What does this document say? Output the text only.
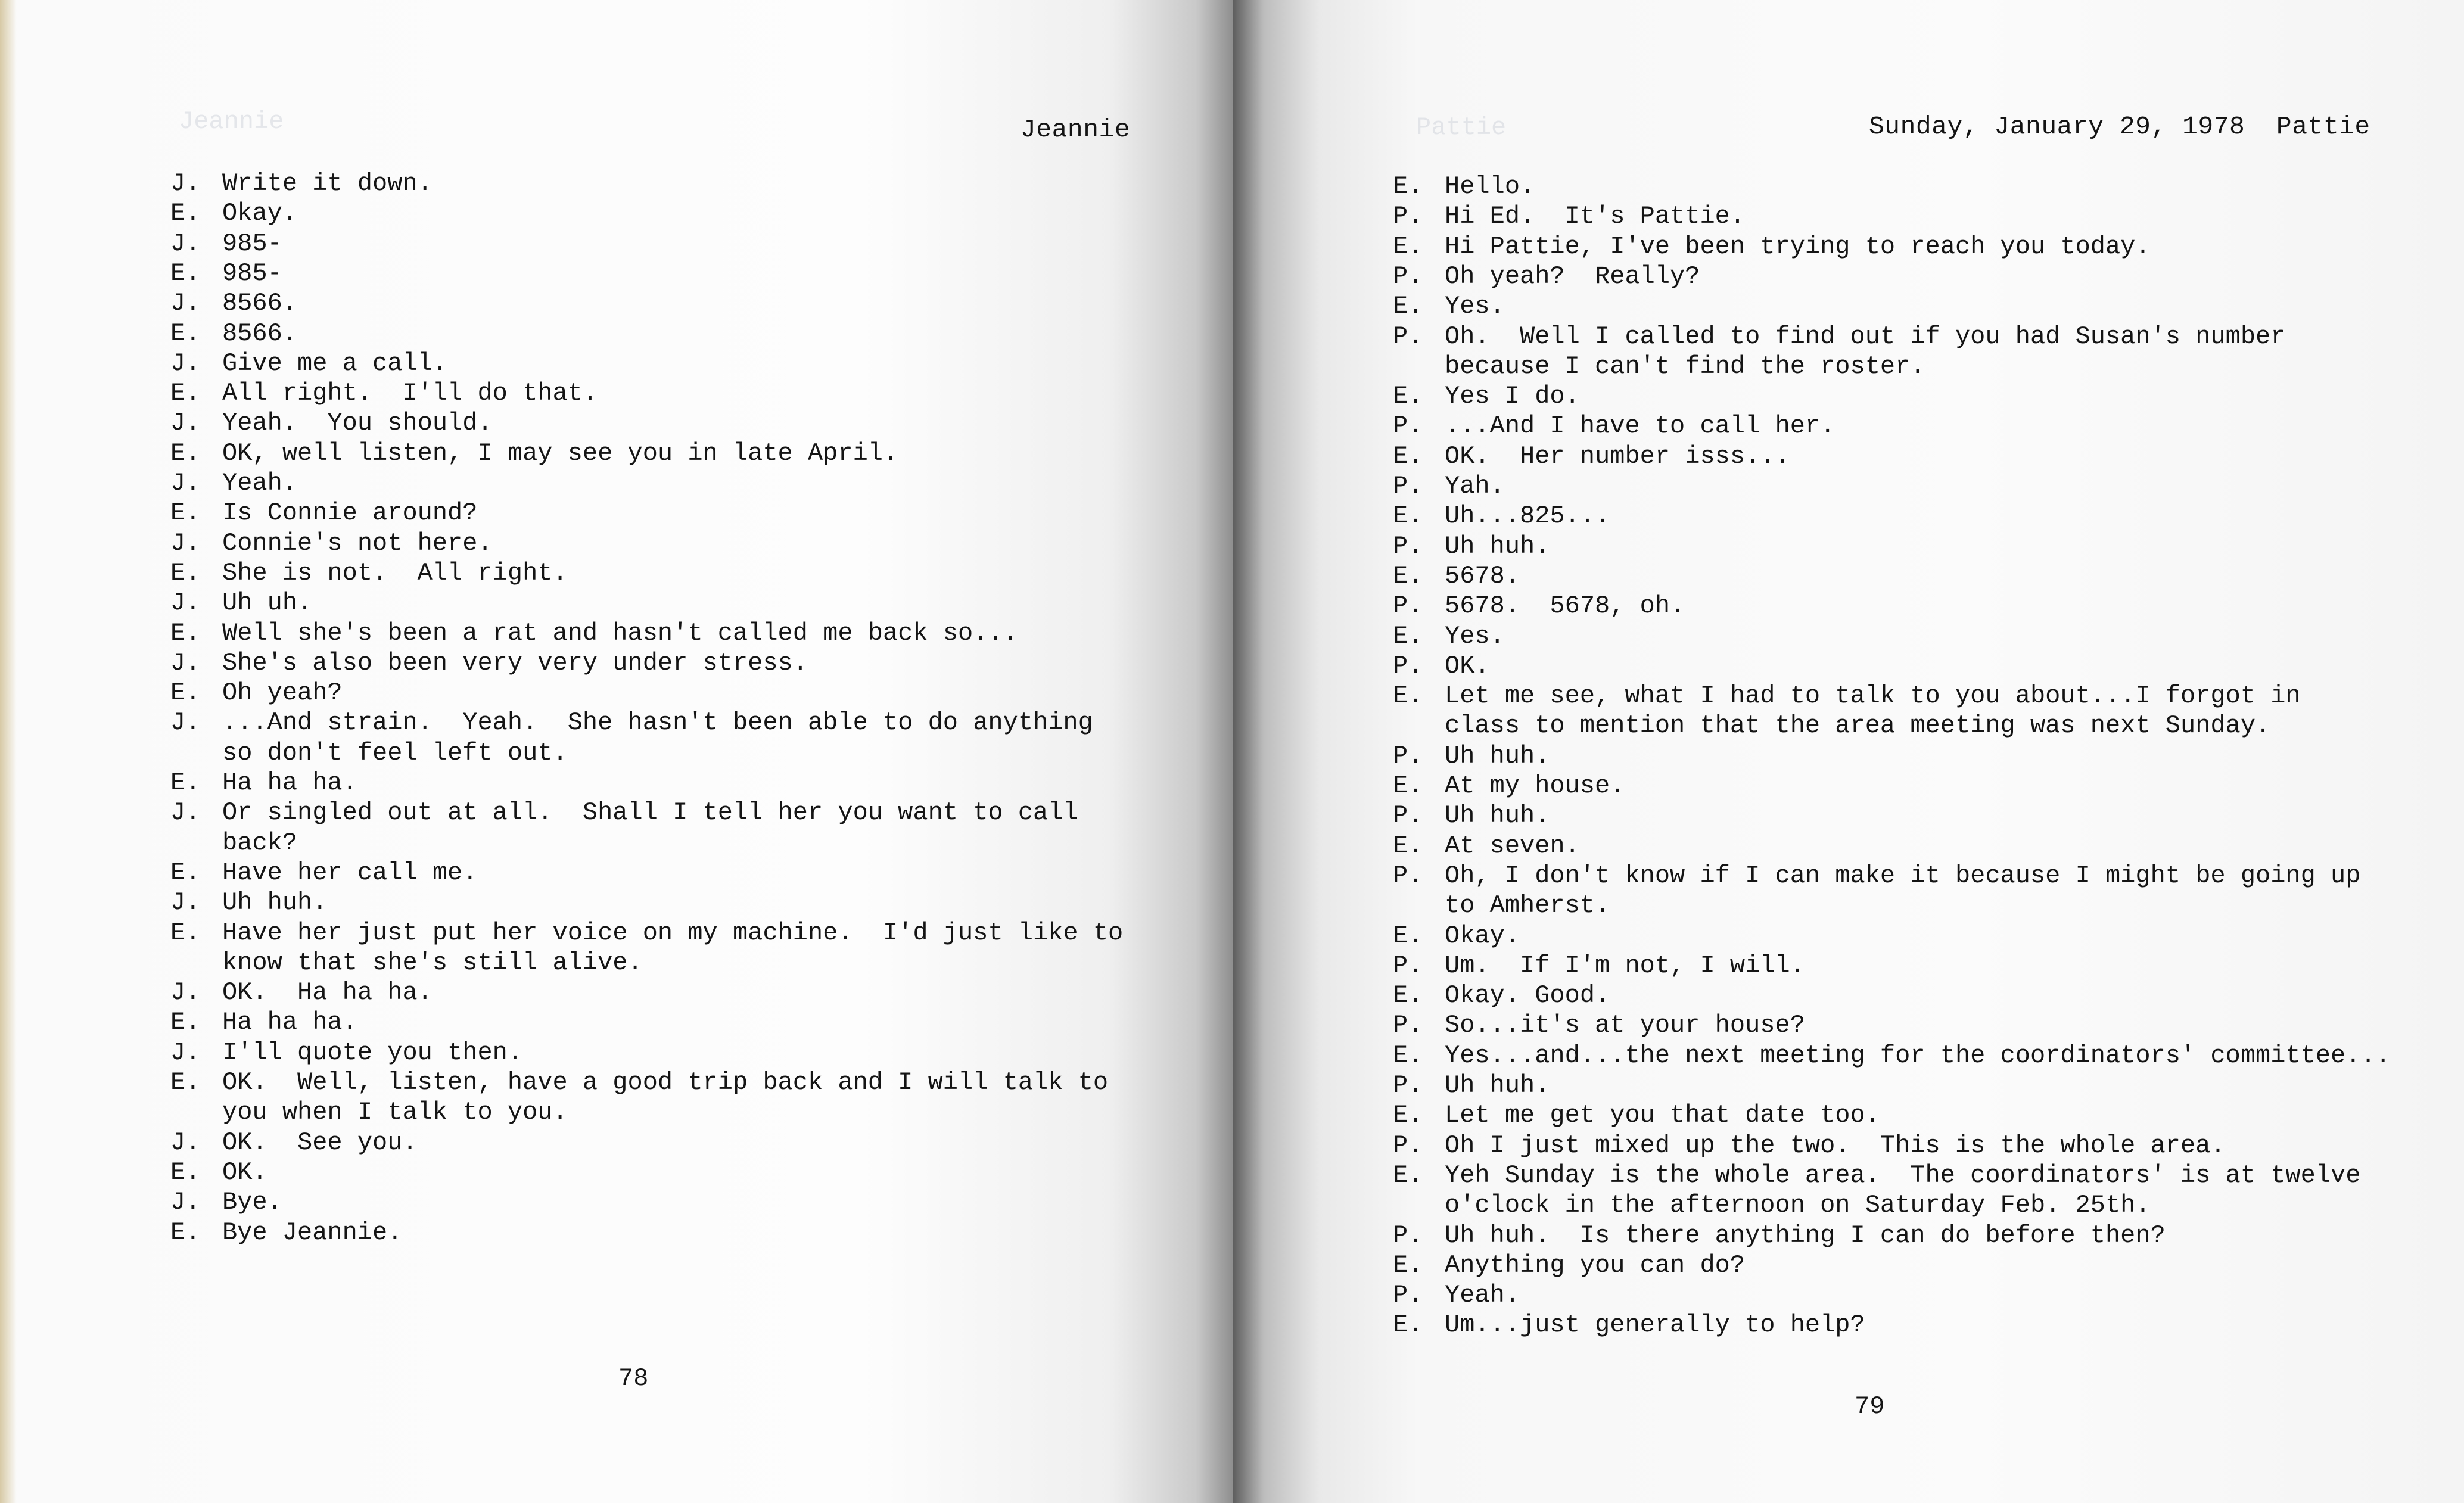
Jeannie	Jeannie
J. Write it down.
E. Okay.
J. 985-
E. 985-
J. 8566.
E. 8566.
J. Give me a call.
E. All right.  I'll do that.
J. Yeah.  You should.
E. OK, well listen, I may see you in late April.
J. Yeah.
E. Is Connie around?
J. Connie's not here.
E. She is not.  All right.
J. Uh uh.
E. Well she's been a rat and hasn't called me back so...
J. She's also been very very under stress.
E. Oh yeah?
J. ...And strain.  Yeah.  She hasn't been able to do anything
so don't feel left out.
E. Ha ha ha.
J. Or singled out at all.  Shall I tell her you want to call
back?
E. Have her call me.
J. Uh huh.
E. Have her just put her voice on my machine.  I'd just like to
know that she's still alive.
J. OK.  Ha ha ha.
E. Ha ha ha.
J. I'll quote you then.
E. OK.  Well, listen, have a good trip back and I will talk to
you when I talk to you.
J. OK.  See you.
E. OK.
J. Bye.
E. Bye Jeannie.
78
Pattie	Sunday, January 29, 1978  Pattie
E. Hello.
P. Hi Ed.  It's Pattie.
E. Hi Pattie, I've been trying to reach you today.
P. Oh yeah?  Really?
E. Yes.
P. Oh.  Well I called to find out if you had Susan's number
because I can't find the roster.
E. Yes I do.
P. ...And I have to call her.
E. OK.  Her number isss...
P. Yah.
E. Uh...825...
P. Uh huh.
E. 5678.
P. 5678.  5678, oh.
E. Yes.
P. OK.
E. Let me see, what I had to talk to you about...I forgot in
class to mention that the area meeting was next Sunday.
P. Uh huh.
E. At my house.
P. Uh huh.
E. At seven.
P. Oh, I don't know if I can make it because I might be going up
to Amherst.
E. Okay.
P. Um.  If I'm not, I will.
E. Okay. Good.
P. So...it's at your house?
E. Yes...and...the next meeting for the coordinators' committee...
P. Uh huh.
E. Let me get you that date too.
P. Oh I just mixed up the two.  This is the whole area.
E. Yeh Sunday is the whole area.  The coordinators' is at twelve
o'clock in the afternoon on Saturday Feb. 25th.
P. Uh huh.  Is there anything I can do before then?
E. Anything you can do?
P. Yeah.
E. Um...just generally to help?
79
